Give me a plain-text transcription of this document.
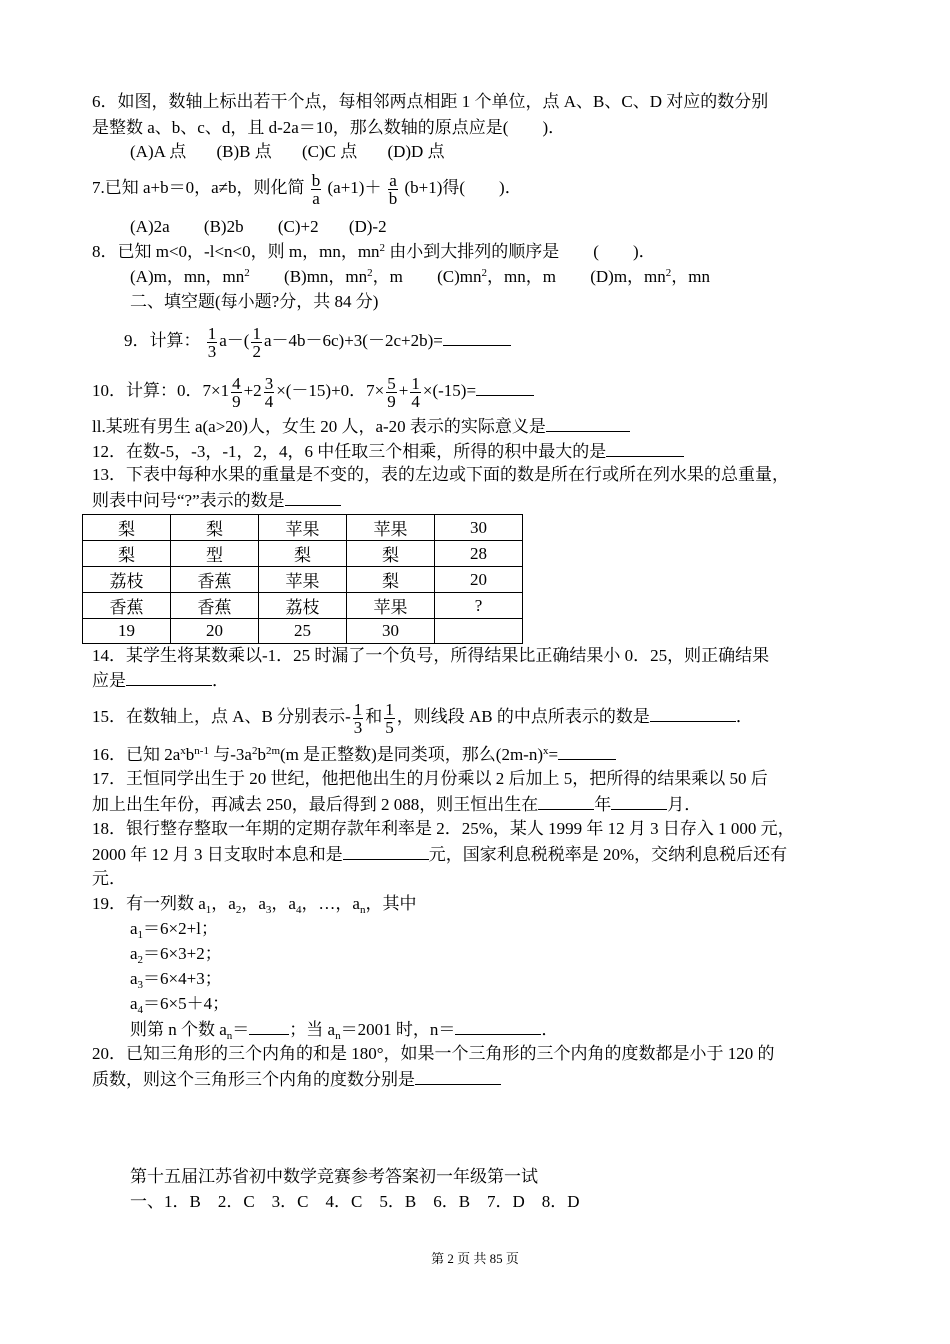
6．如图，数轴上标出若干个点，每相邻两点相距 1 个单位，点 A、B、C、D 对应的数分别
是整数 a、b、c、d，且 d-2a＝10，那么数轴的原点应是(　　)．
(A)A 点 (B)B 点 (C)C 点 (D)D 点
7.已知 a+b＝0，a≠b，则化简 $\frac{b}{a} (a+1)+ \frac{a}{b} (b+1)$得(　　)．
(A)2a (B)2b (C)+2 (D)-2
8．已知 m<0，-l<n<0，则 m，mn，$mn^2$ 由小到大排列的顺序是　　(　　)．
(A)m，mn，$mn^2$ (B)mn，$mn^2$，m $(C)mn^2$，mn，m (D)m，$mn^2$，mn
二、填空题(每小题?分，共 84 分)
9．计算： $\frac{1}{3} a-( \frac{1}{2} a-4b-6c)+3(-2c+2b)=$
10．计算：0．$7\times 1 \frac{4}{9} +2 \frac{3}{4} \times(-15)+0$．$7\times \frac{5}{9} + \frac{1}{4} \times(-15)=$
ll.某班有男生 a(a>20)人，女生 20 人，a-20 表示的实际意义是
12．在数-5，-3，-1，2，4，6 中任取三个相乘，所得的积中最大的是
13．下表中每种水果的重量是不变的，表的左边或下面的数是所在行或所在列水果的总重量，
则表中问号“?”表示的数是
梨	梨	苹果	苹果	30
梨	型	梨	梨	28
荔枝	香蕉	苹果	梨	20
香蕉	香蕉	荔枝	苹果	?
19	20	25	30	
14．某学生将某数乘以-1．25 时漏了一个负号，所得结果比正确结果小 0．25，则正确结果
应是	．
15．在数轴上，点 A、B 分别表示- $\frac{1}{3}$ 和 $\frac{1}{5}$ ，则线段 AB 的中点所表示的数是	．
16．已知 $2a^xb^{n-1}$ 与$-3a^2b^{2m}(m$ 是正整数)是同类项，那么$(2m-n)^x=$
17．王恒同学出生于 20 世纪，他把他出生的月份乘以 2 后加上 5，把所得的结果乘以 50 后
加上出生年份，再减去 250，最后得到 2 088，则王恒出生在	年	月．
18．银行整存整取一年期的定期存款年利率是 2．25%，某人 1999 年 12 月 3 日存入 1 000 元，
2000 年 12 月 3 日支取时本息和是	元，国家利息税税率是 20%，交纳利息税后还有
元．
19．有一列数 $a_1$，$a_2$，$a_3$，$a_4$，…，$a_n$，其中
$a_1=6\times 2+l$；
$a_2=6\times 3+2$；
$a_3=6\times 4+3$；
$a_4=6\times 5+4$；
则第 n 个数 $a_n=$ ；当 $a_n=2001$ 时，n＝	．
20．已知三角形的三个内角的和是 180°，如果一个三角形的三个内角的度数都是小于 120 的
质数，则这个三角形三个内角的度数分别是
第十五届江苏省初中数学竞赛参考答案初一年级第一试
一、1．B　2．C　3．C　4．C　5．B　6．B　7．D　8．D
第 2 页 共 85 页
